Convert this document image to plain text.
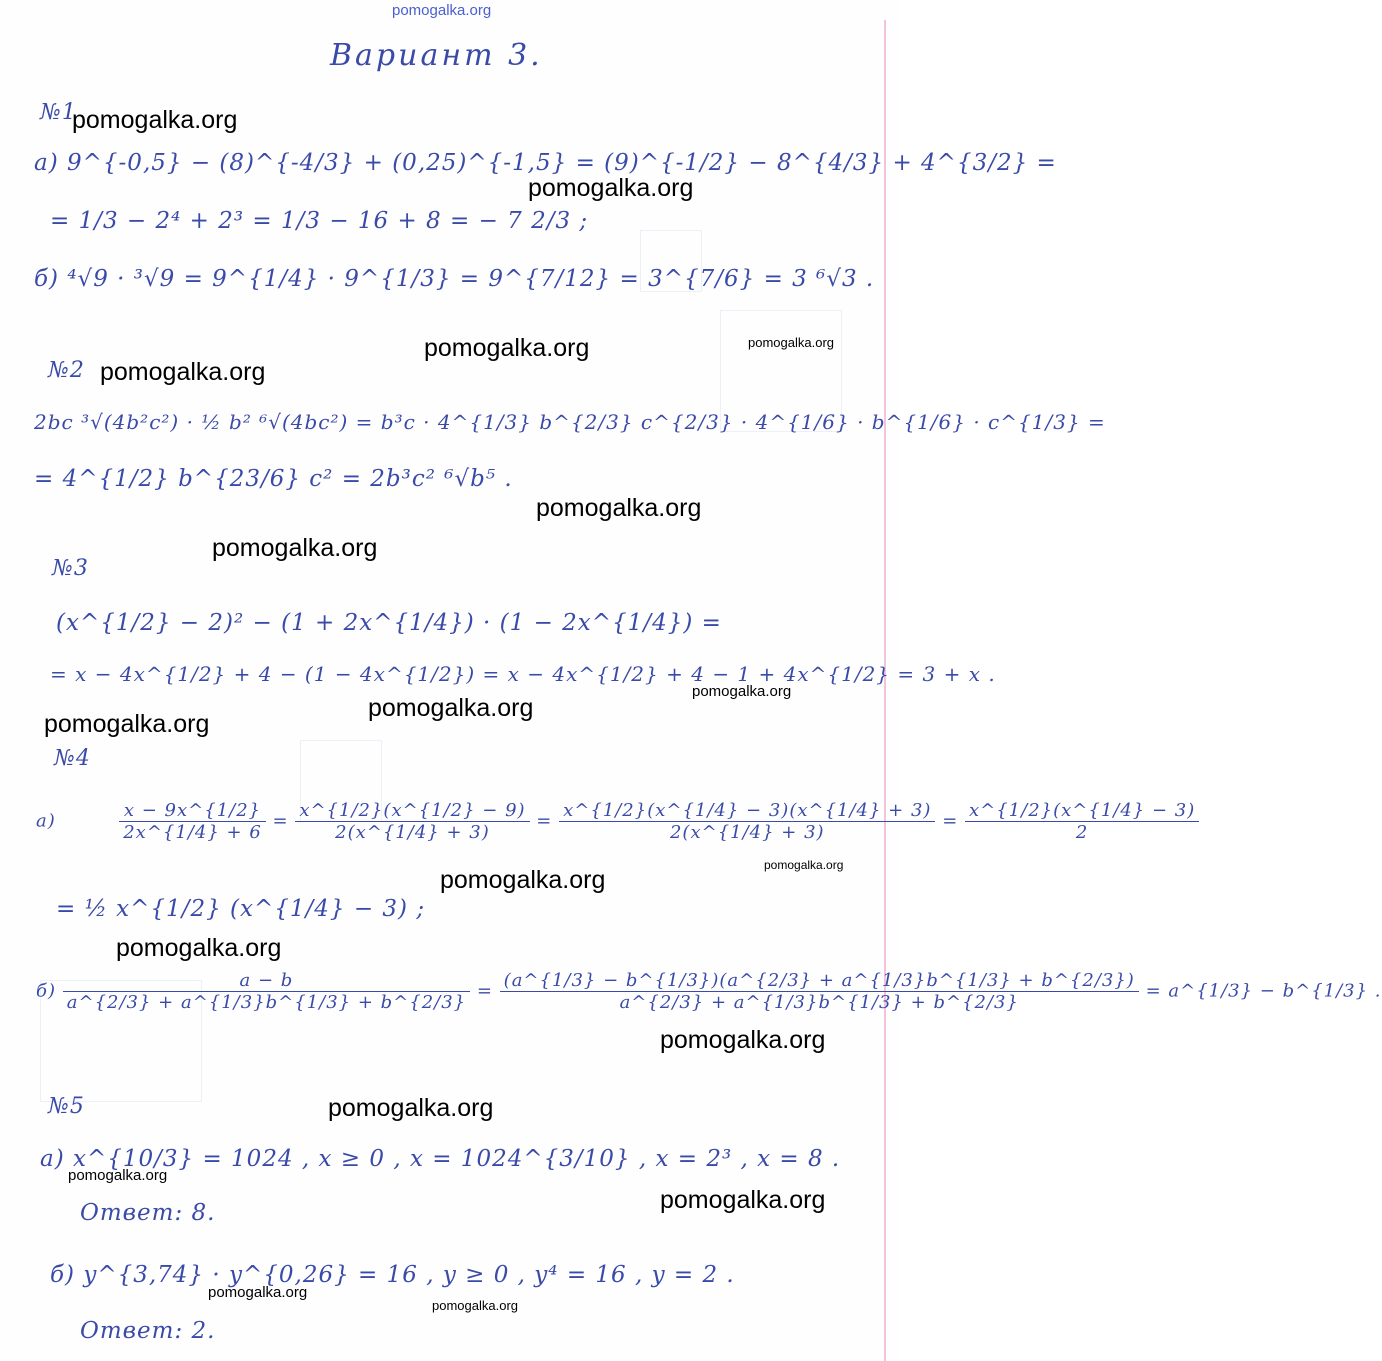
pomogalka.org
Вариант 3.
№1
а) 9^{-0,5} − (8)^{-4/3} + (0,25)^{-1,5} = (9)^{-1/2} − 8^{4/3} + 4^{3/2} =
= 1/3 − 2⁴ + 2³ = 1/3 − 16 + 8 = − 7 2/3 ;
б) ⁴√9 · ³√9 = 9^{1/4} · 9^{1/3} = 9^{7/12} = 3^{7/6} = 3 ⁶√3 .
№2
2bc ³√(4b²c²) · ½ b² ⁶√(4bc²) = b³c · 4^{1/3} b^{2/3} c^{2/3} · 4^{1/6} · b^{1/6} · c^{1/3} =
= 4^{1/2} b^{23/6} c² = 2b³c² ⁶√b⁵ .
№3
(x^{1/2} − 2)² − (1 + 2x^{1/4}) · (1 − 2x^{1/4}) =
= x − 4x^{1/2} + 4 − (1 − 4x^{1/2}) = x − 4x^{1/2} + 4 − 1 + 4x^{1/2} = 3 + x .
№4
а)	$\frac{x - 9x\^{}\{1/2\}}{2x\^{}\{1/4\} + 6} = \frac{x\^{}\{1/2\}(x\^{}\{1/2\} - 9)}{2(x\^{}\{1/4\} + 3)} = \frac{x\^{}\{1/2\}(x\^{}\{1/4\} - 3)(x\^{}\{1/4\} + 3)}{2(x\^{}\{1/4\} + 3)} = \frac{x\^{}\{1/2\}(x\^{}\{1/4\} - 3)}{2}$
= ½ x^{1/2} (x^{1/4} − 3) ;
$б) \frac{a - b}{a\^{}\{2/3\} + a\^{}\{1/3\}b\^{}\{1/3\} + b\^{}\{2/3\}} = \frac{(a\^{}\{1/3\} - b\^{}\{1/3\})(a\^{}\{2/3\} + a\^{}\{1/3\}b\^{}\{1/3\} + b\^{}\{2/3\})}{a\^{}\{2/3\} + a\^{}\{1/3\}b\^{}\{1/3\} + b\^{}\{2/3\}}$ = a^{1/3} − b^{1/3} .
№5
а) x^{10/3} = 1024 , x ≥ 0 , x = 1024^{3/10} , x = 2³ , x = 8 .
Ответ: 8.
б) y^{3,74} · y^{0,26} = 16 , y ≥ 0 , y⁴ = 16 , y = 2 .
Ответ: 2.
pomogalka.org
pomogalka.org
pomogalka.org	pomogalka.org
pomogalka.org
pomogalka.org
pomogalka.org
pomogalka.org
pomogalka.org
pomogalka.org
pomogalka.org
pomogalka.org
pomogalka.org
pomogalka.org
pomogalka.org
pomogalka.org
pomogalka.org
pomogalka.org
pomogalka.org
